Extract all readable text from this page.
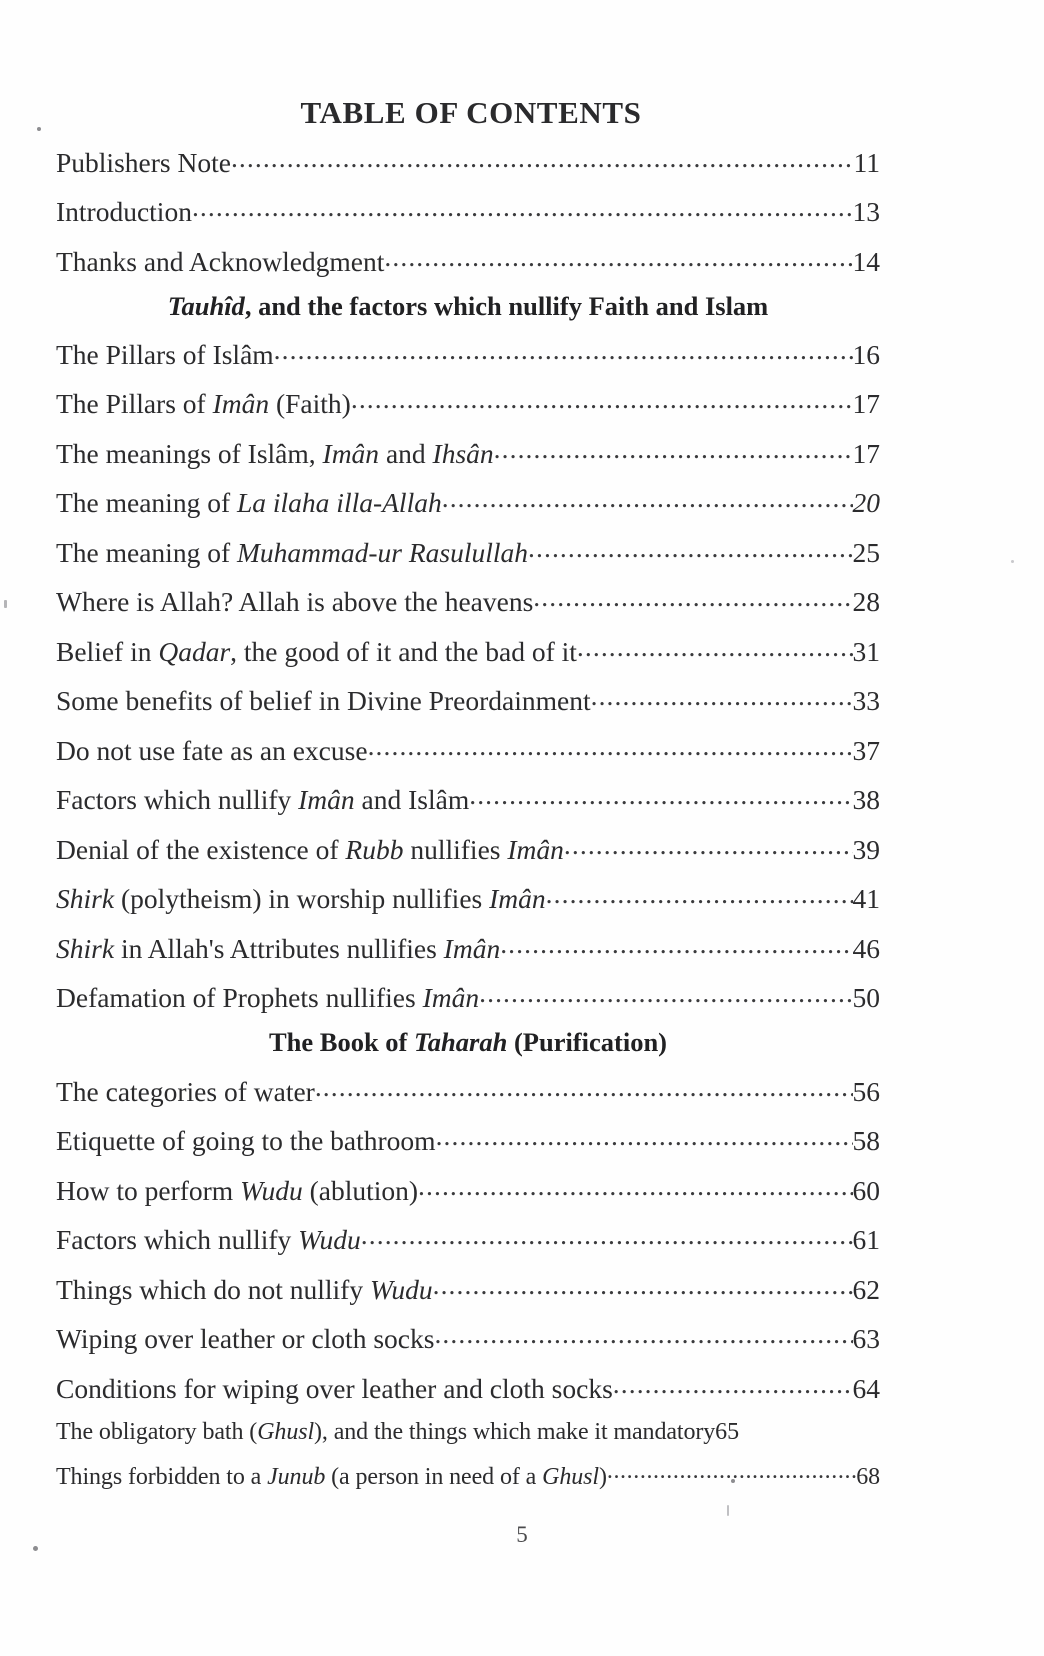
TABLE OF CONTENTS
Publishers Note .....	11
Introduction .....	13
Thanks and Acknowledgment .....	14
Tauhîd, and the factors which nullify Faith and Islam
The Pillars of Islâm .....	16
The Pillars of Imân (Faith) .....	17
The meanings of Islâm, Imân and Ihsân .....	17
The meaning of La ilaha illa-Allah .....	20
The meaning of Muhammad-ur Rasulullah .....	25
Where is Allah? Allah is above the heavens .....	28
Belief in Qadar, the good of it and the bad of it .....	31
Some benefits of belief in Divine Preordainment .....	33
Do not use fate as an excuse .....	37
Factors which nullify Imân and Islâm .....	38
Denial of the existence of Rubb nullifies Imân .....	39
Shirk (polytheism) in worship nullifies Imân .....	41
Shirk in Allah's Attributes nullifies Imân .....	46
Defamation of Prophets nullifies Imân .....	50
The Book of Taharah (Purification)
The categories of water .....	56
Etiquette of going to the bathroom .....	58
How to perform Wudu (ablution) .....	60
Factors which nullify Wudu .....	61
Things which do not nullify Wudu .....	62
Wiping over leather or cloth socks .....	63
Conditions for wiping over leather and cloth socks .....	64
The obligatory bath (Ghusl), and the things which make it mandatory 65
Things forbidden to a Junub (a person in need of a Ghusl) .....	68
5
